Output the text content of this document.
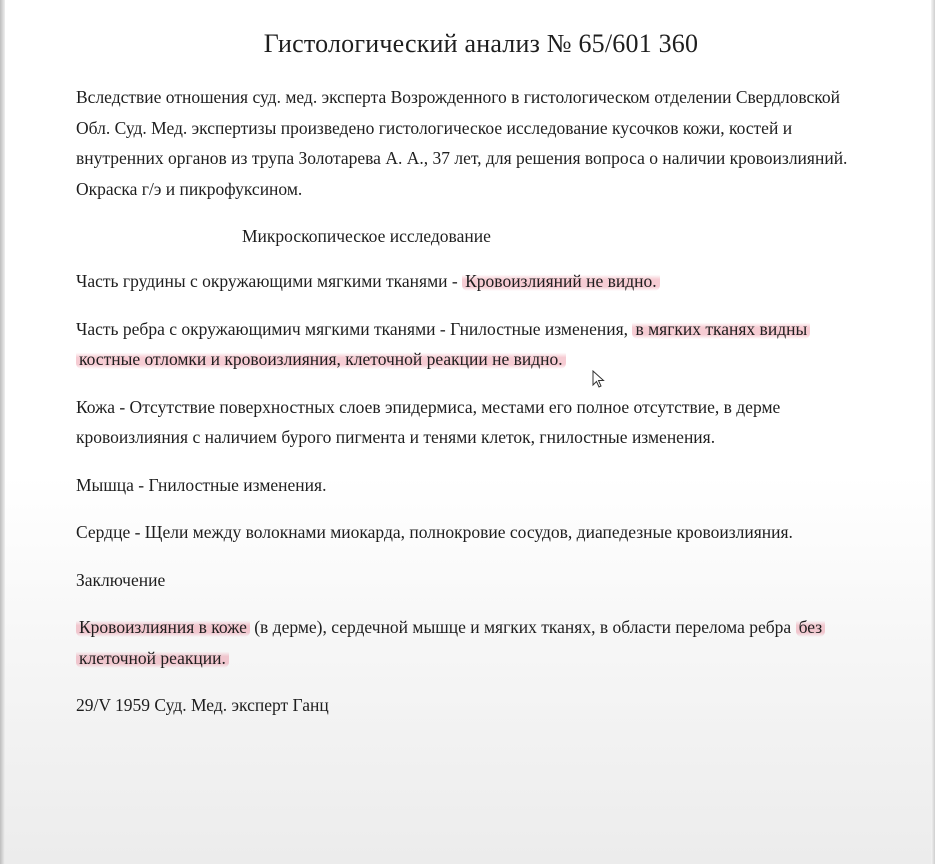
Гистологический анализ № 65/601 360
Вследствие отношения суд. мед. эксперта Возрожденного в гистологическом отделении Свердловской Обл. Суд. Мед. экспертизы произведено гистологическое исследование кусочков кожи, костей и внутренних органов из трупа Золотарева А. А., 37 лет, для решения вопроса о наличии кровоизлияний. Окраска г/э и пикрофуксином.
Микроскопическое исследование
Часть грудины с окружающими мягкими тканями - Кровоизлияний не видно.
Часть ребра с окружающимич мягкими тканями - Гнилостные изменения, в мягких тканях видны костные отломки и кровоизлияния, клеточной реакции не видно.
Кожа - Отсутствие поверхностных слоев эпидермиса, местами его полное отсутствие, в дерме кровоизлияния с наличием бурого пигмента и тенями клеток, гнилостные изменения.
Мышца - Гнилостные изменения.
Сердце - Щели между волокнами миокарда, полнокровие сосудов, диапедезные кровоизлияния.
Заключение
Кровоизлияния в коже (в дерме), сердечной мышце и мягких тканях, в области перелома ребра без клеточной реакции.
29/V 1959 Суд. Мед. эксперт Ганц
